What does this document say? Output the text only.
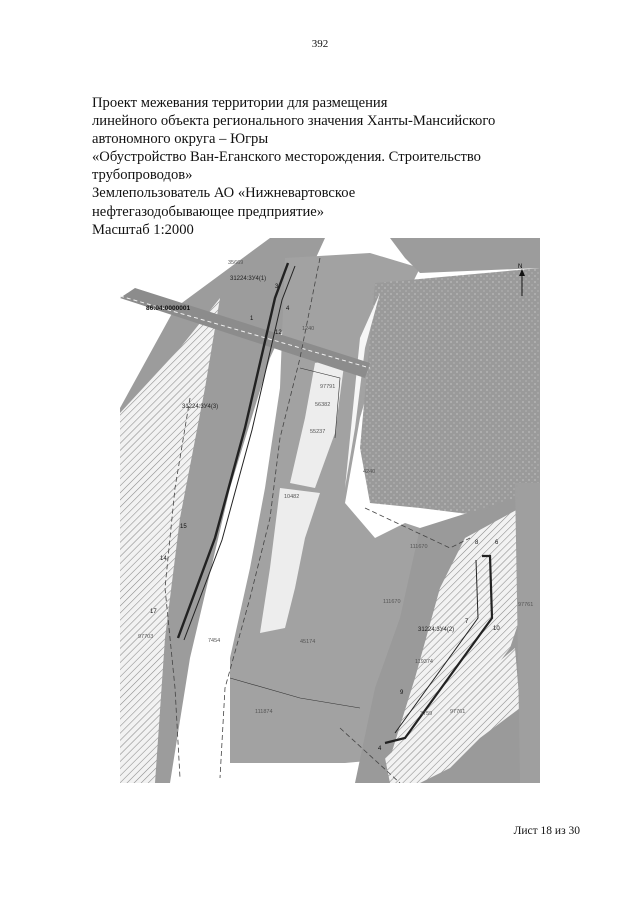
392
Проект межевания территории для размещения
линейного объекта регионального значения Ханты-Мансийского
автономного округа – Югры
«Обустройство Ван-Еганского месторождения. Строительство
трубопроводов»
Землепользователь АО «Нижневартовское
нефтегазодобывающее предприятие»
Масштаб 1:2000
N
86:04:0000001
31224:3У4(1)
31224:3У4(3)
31224:3У4(2)
35669
97791
56382
55237
1240
4240
10482
111670
111670
119374
97761
97703
7454	45174
111874	3759	97761
3
4
1
12
15
14
17
8	6
7
10
9
4
Лист 18 из 30
